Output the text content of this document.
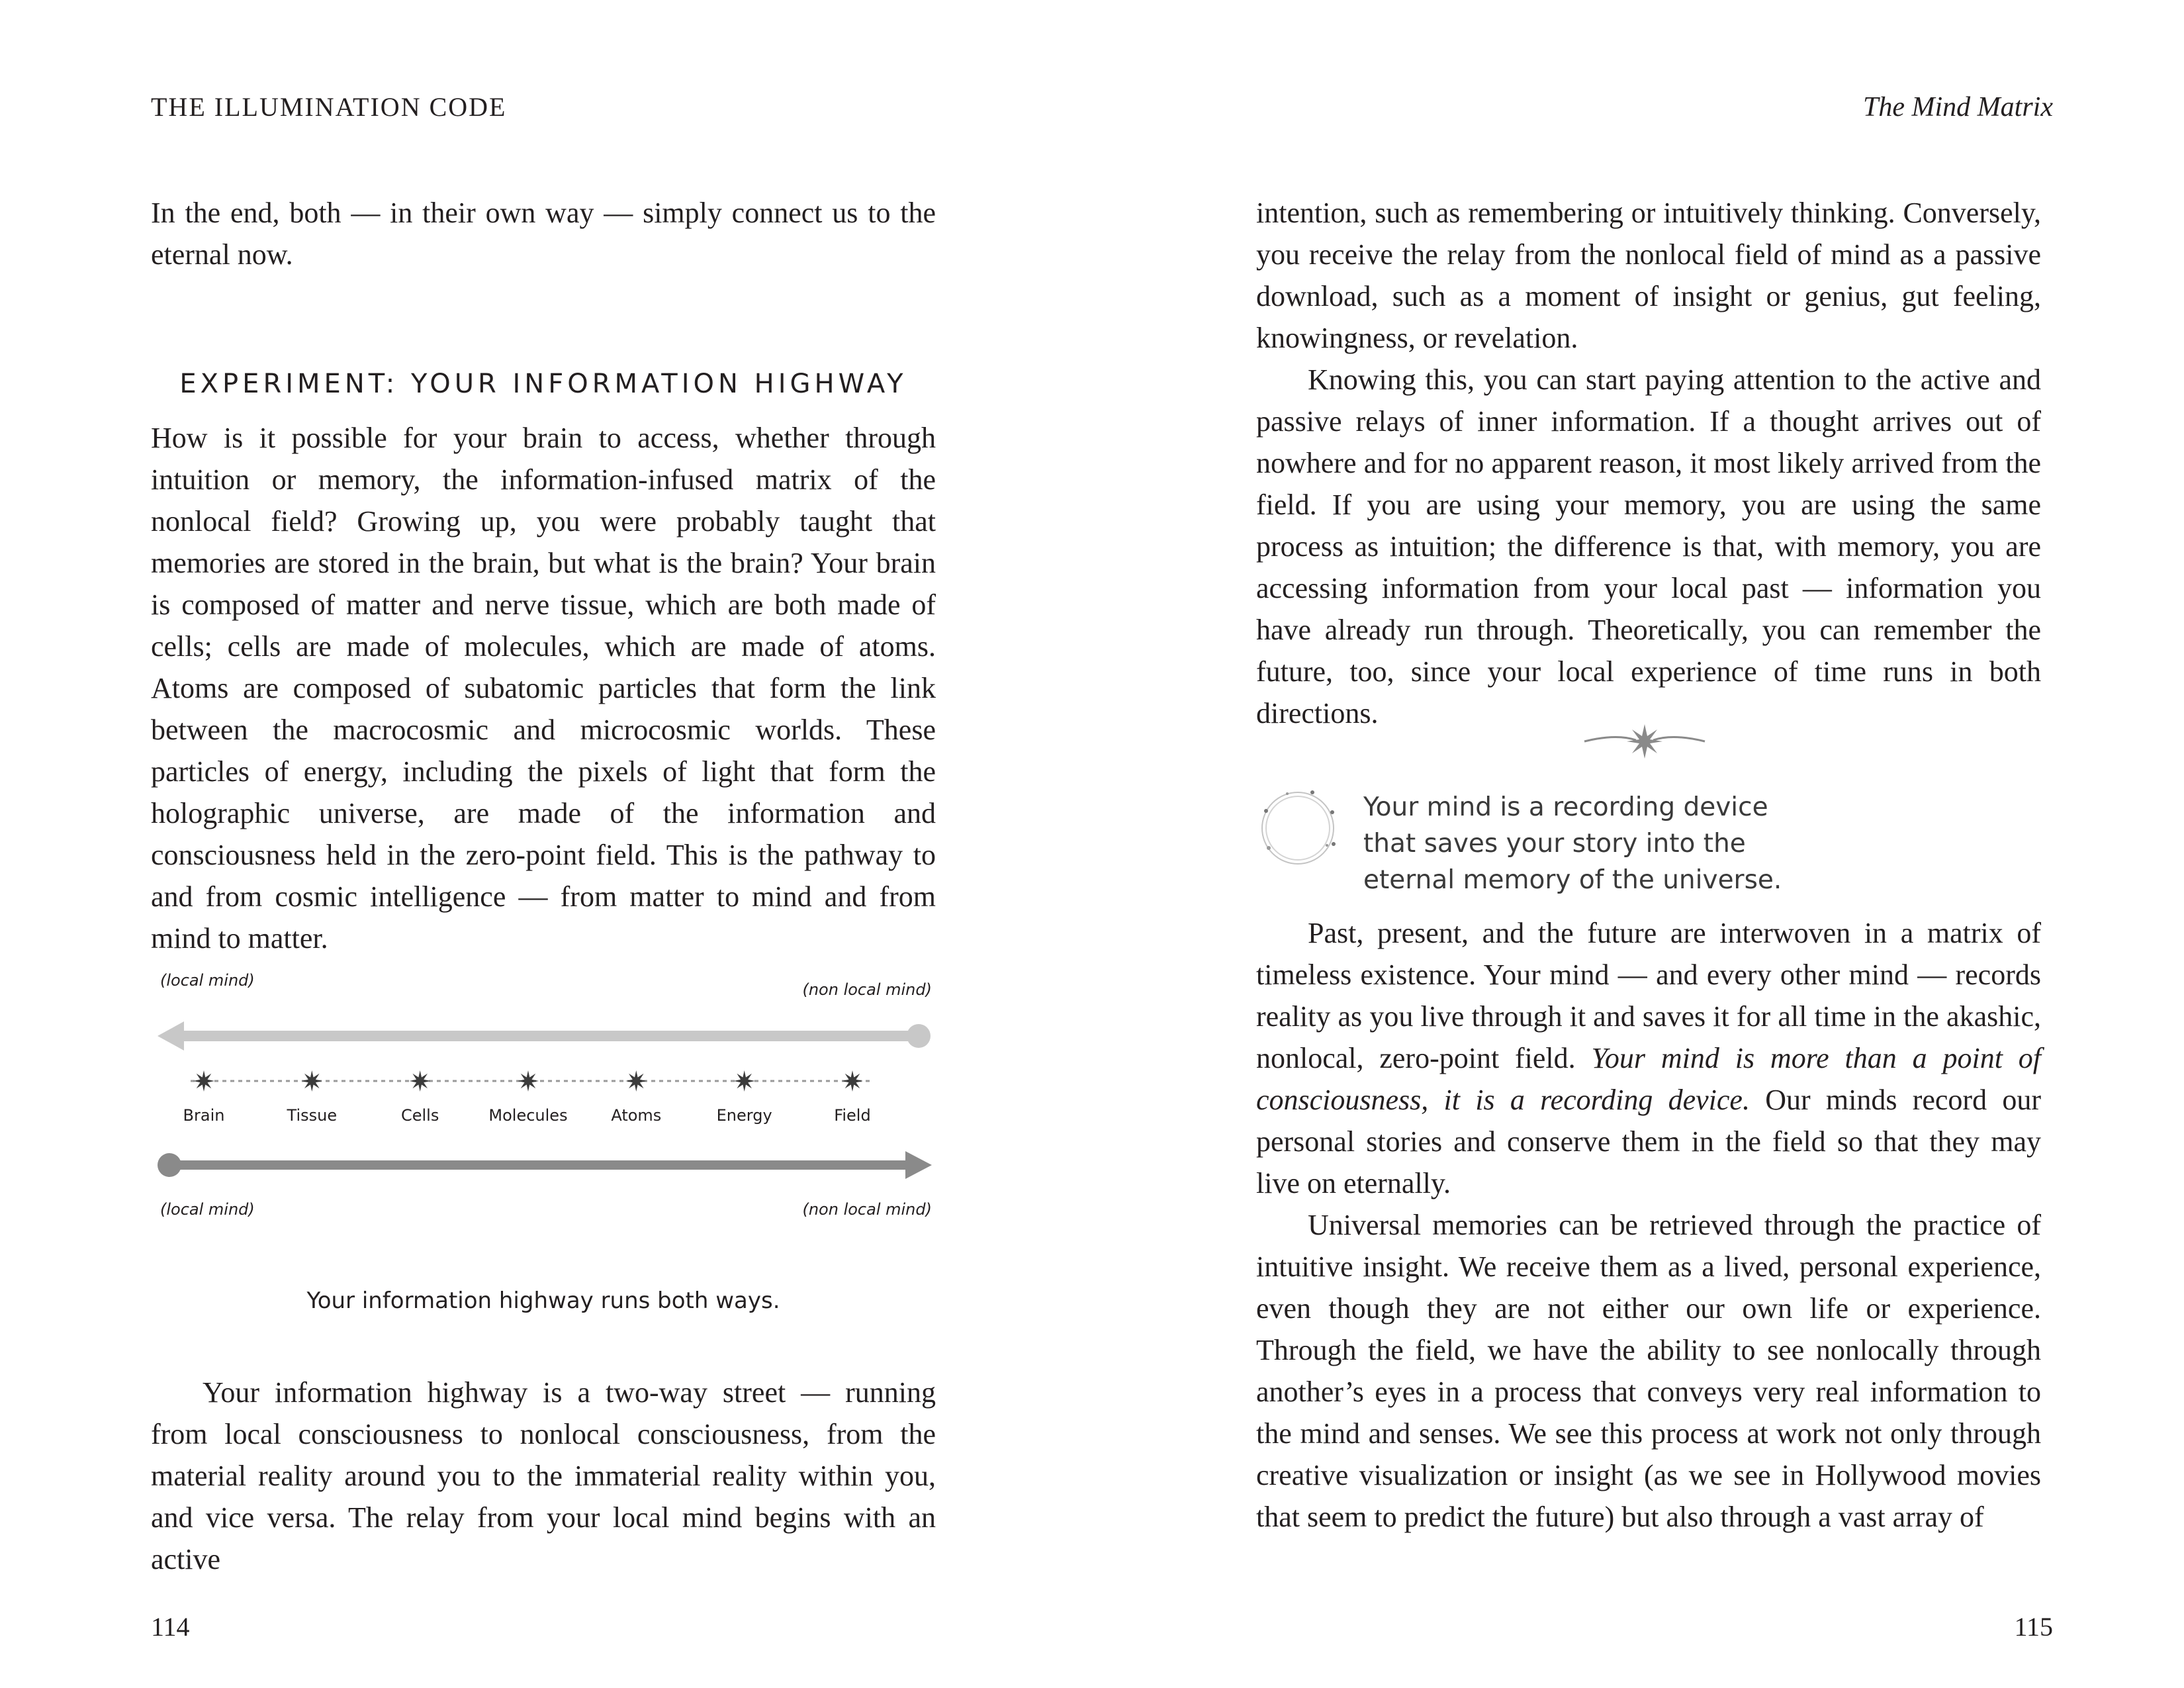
THE ILLUMINATION CODE

In the end, both — in their own way — simply connect us to the eternal now.

EXPERIMENT: YOUR INFORMATION HIGHWAY

How is it possible for your brain to access, whether through intuition or memory, the information-infused matrix of the nonlocal field? Growing up, you were probably taught that memories are stored in the brain, but what is the brain? Your brain is composed of matter and nerve tissue, which are both made of cells; cells are made of molecules, which are made of atoms. Atoms are composed of subatomic particles that form the link between the macrocosmic and microcosmic worlds. These particles of energy, including the pixels of light that form the holographic universe, are made of the information and consciousness held in the zero-point field. This is the pathway to and from cosmic intelligence — from matter to mind and from mind to matter.

(local mind)	(non local mind)
Brain	Tissue	Cells	Molecules	Atoms	Energy	Field
(local mind)	(non local mind)
Your information highway runs both ways.

Your information highway is a two-way street — running from local consciousness to nonlocal consciousness, from the material reality around you to the immaterial reality within you, and vice versa. The relay from your local mind begins with an active

114
The Mind Matrix

intention, such as remembering or intuitively thinking. Conversely, you receive the relay from the nonlocal field of mind as a passive download, such as a moment of insight or genius, gut feeling, knowingness, or revelation.

Knowing this, you can start paying attention to the active and passive relays of inner information. If a thought arrives out of nowhere and for no apparent reason, it most likely arrived from the field. If you are using your memory, you are using the same process as intuition; the difference is that, with memory, you are accessing information from your local past — information you have already run through. Theoretically, you can remember the future, too, since your local experience of time runs in both directions.

Your mind is a recording device that saves your story into the eternal memory of the universe.

Past, present, and the future are interwoven in a matrix of timeless existence. Your mind — and every other mind — records reality as you live through it and saves it for all time in the akashic, nonlocal, zero-point field. Your mind is more than a point of consciousness, it is a recording device. Our minds record our personal stories and conserve them in the field so that they may live on eternally.

Universal memories can be retrieved through the practice of intuitive insight. We receive them as a lived, personal experience, even though they are not either our own life or experience. Through the field, we have the ability to see nonlocally through another’s eyes in a process that conveys very real information to the mind and senses. We see this process at work not only through creative visualization or insight (as we see in Hollywood movies that seem to predict the future) but also through a vast array of

115
